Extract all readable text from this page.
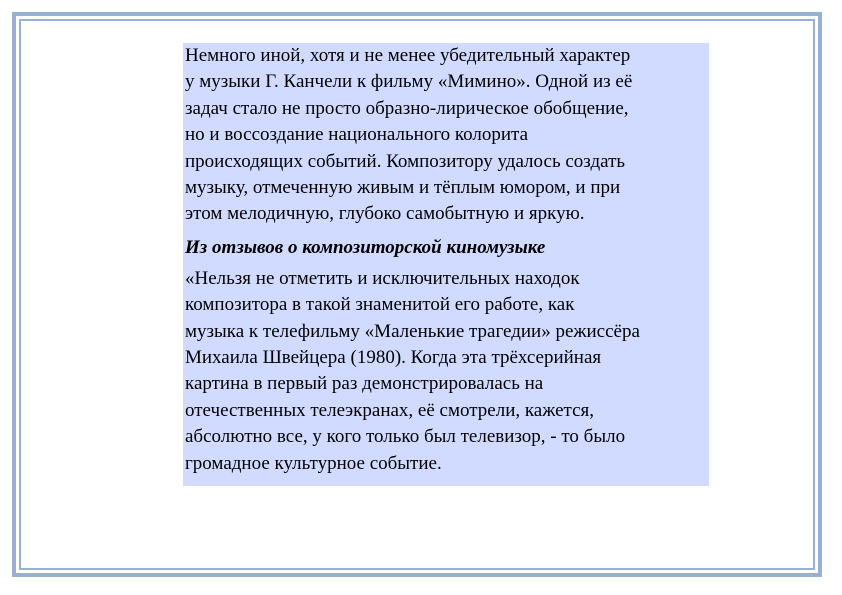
Немного иной, хотя и не менее убедительный характер
у музыки Г. Канчели к фильму «Мимино». Одной из её
задач стало не просто образно-лирическое обобщение,
но и воссоздание национального колорита
происходящих событий. Композитору удалось создать
музыку, отмеченную живым и тёплым юмором, и при
этом мелодичную, глубоко самобытную и яркую.
Из отзывов о композиторской киномузыке
«Нельзя не отметить и исключительных находок
композитора в такой знаменитой его работе, как
музыка к телефильму «Маленькие трагедии» режиссёра
Михаила Швейцера (1980). Когда эта трёхсерийная
картина в первый раз демонстрировалась на
отечественных телеэкранах, её смотрели, кажется,
абсолютно все, у кого только был телевизор, - то было
громадное культурное событие.
